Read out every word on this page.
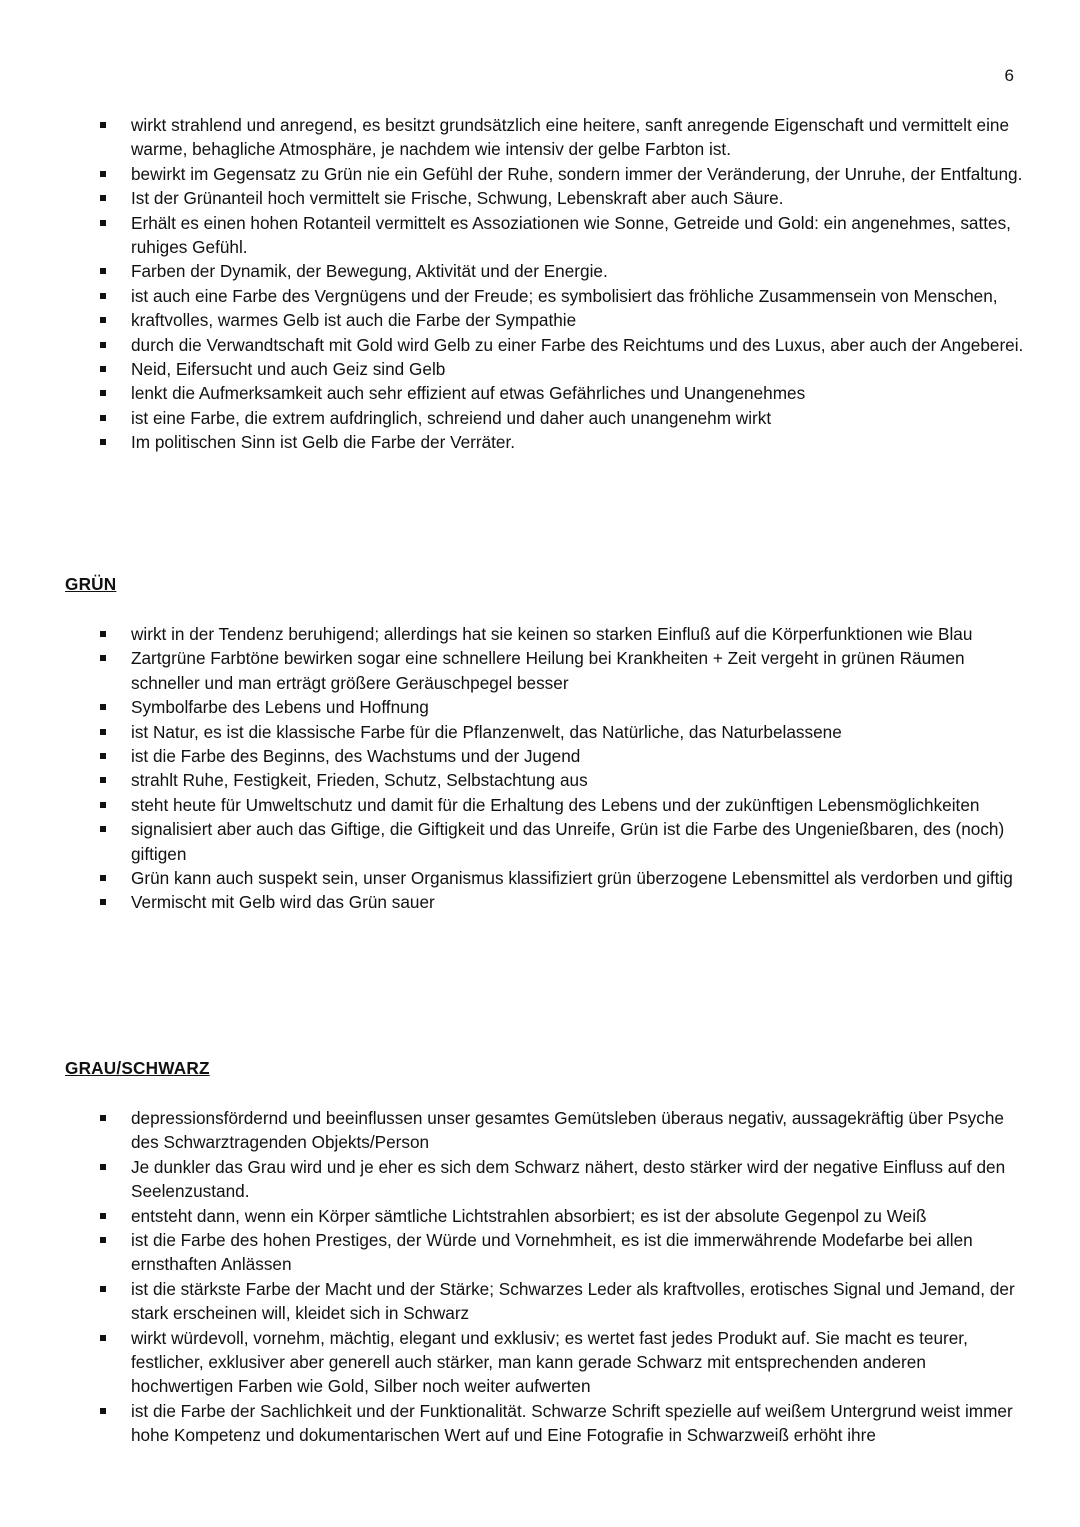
6
wirkt strahlend und anregend, es besitzt grundsätzlich eine heitere, sanft anregende Eigenschaft und vermittelt eine warme, behagliche Atmosphäre, je nachdem wie intensiv der gelbe Farbton ist.
bewirkt im Gegensatz zu Grün nie ein Gefühl der Ruhe, sondern immer der Veränderung, der Unruhe, der Entfaltung.
Ist der Grünanteil hoch vermittelt sie Frische, Schwung, Lebenskraft aber auch Säure.
Erhält es einen hohen Rotanteil vermittelt es Assoziationen wie Sonne, Getreide und Gold: ein angenehmes, sattes, ruhiges Gefühl.
Farben der Dynamik, der Bewegung, Aktivität und der Energie.
ist auch eine Farbe des Vergnügens und der Freude; es symbolisiert das fröhliche Zusammensein von Menschen,
kraftvolles, warmes Gelb ist auch die Farbe der Sympathie
durch die Verwandtschaft mit Gold wird Gelb zu einer Farbe des Reichtums und des Luxus, aber auch der Angeberei.
Neid, Eifersucht und auch Geiz sind Gelb
lenkt die Aufmerksamkeit auch sehr effizient auf etwas Gefährliches und Unangenehmes
ist eine Farbe, die extrem aufdringlich, schreiend und daher auch unangenehm wirkt
Im politischen Sinn ist Gelb die Farbe der Verräter.
GRÜN
wirkt in der Tendenz beruhigend; allerdings hat sie keinen so starken Einfluß auf die Körperfunktionen wie Blau
Zartgrüne Farbtöne bewirken sogar eine schnellere Heilung bei Krankheiten + Zeit vergeht in grünen Räumen schneller und man erträgt größere Geräuschpegel besser
Symbolfarbe des Lebens und Hoffnung
ist Natur, es ist die klassische Farbe für die Pflanzenwelt, das Natürliche, das Naturbelassene
ist die Farbe des Beginns, des Wachstums und der Jugend
strahlt Ruhe, Festigkeit, Frieden, Schutz, Selbstachtung aus
steht heute für Umweltschutz und damit für die Erhaltung des Lebens und der zukünftigen Lebensmöglichkeiten
signalisiert aber auch das Giftige, die Giftigkeit und das Unreife, Grün ist die Farbe des Ungenießbaren, des (noch) giftigen
Grün kann auch suspekt sein, unser Organismus klassifiziert grün überzogene Lebensmittel als verdorben und giftig
Vermischt mit Gelb wird das Grün sauer
GRAU/SCHWARZ
depressionsfördernd und beeinflussen unser gesamtes Gemütsleben überaus negativ, aussagekräftig über Psyche des Schwarztragenden Objekts/Person
Je dunkler das Grau wird und je eher es sich dem Schwarz nähert, desto stärker wird der negative Einfluss auf den Seelenzustand.
entsteht dann, wenn ein Körper sämtliche Lichtstrahlen absorbiert; es ist der absolute Gegenpol zu Weiß
ist die Farbe des hohen Prestiges, der Würde und Vornehmheit, es ist die immerwährende Modefarbe bei allen ernsthaften Anlässen
ist die stärkste Farbe der Macht und der Stärke; Schwarzes Leder als kraftvolles, erotisches Signal und Jemand, der stark erscheinen will, kleidet sich in Schwarz
wirkt würdevoll, vornehm, mächtig, elegant und exklusiv; es wertet fast jedes Produkt auf. Sie macht es teurer, festlicher, exklusiver aber generell auch stärker, man kann gerade Schwarz mit entsprechenden anderen hochwertigen Farben wie Gold, Silber noch weiter aufwerten
ist die Farbe der Sachlichkeit und der Funktionalität. Schwarze Schrift spezielle auf weißem Untergrund weist immer hohe Kompetenz und dokumentarischen Wert auf und Eine Fotografie in Schwarzweiß erhöht ihre
